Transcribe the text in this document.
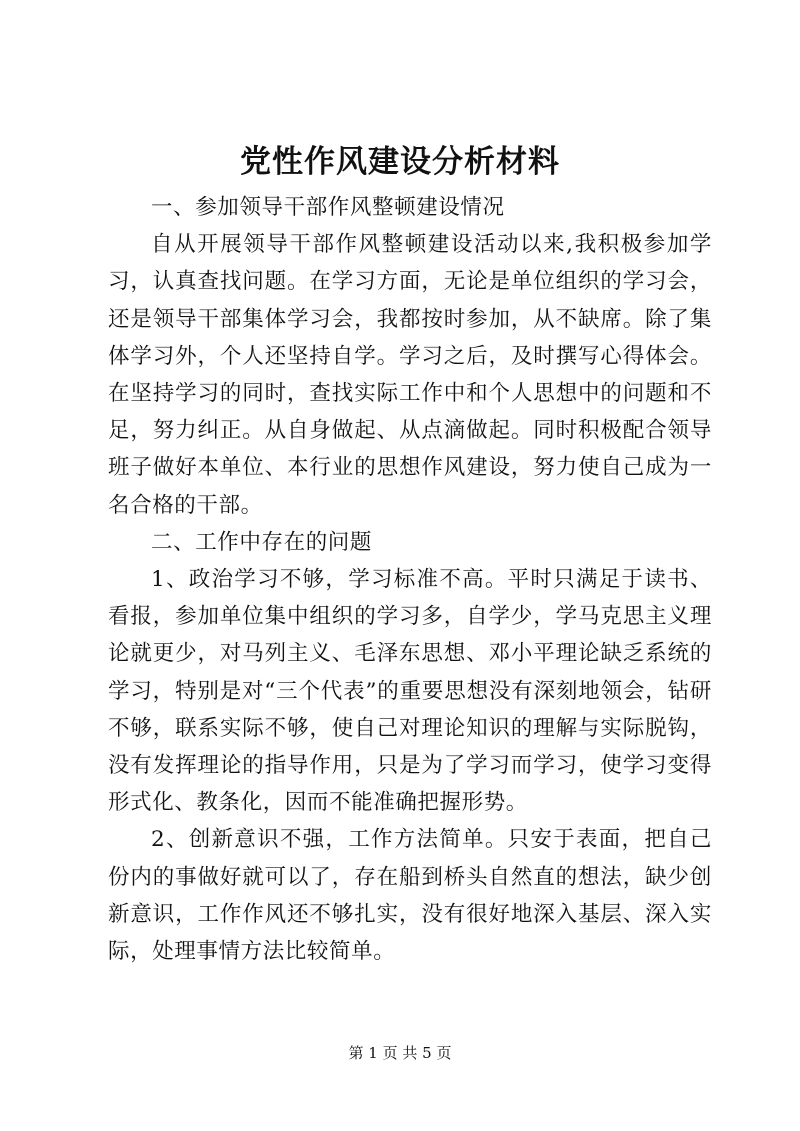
党性作风建设分析材料

一、参加领导干部作风整顿建设情况

自从开展领导干部作风整顿建设活动以来,我积极参加学习，认真查找问题。在学习方面，无论是单位组织的学习会，还是领导干部集体学习会，我都按时参加，从不缺席。除了集体学习外，个人还坚持自学。学习之后，及时撰写心得体会。在坚持学习的同时，查找实际工作中和个人思想中的问题和不足，努力纠正。从自身做起、从点滴做起。同时积极配合领导班子做好本单位、本行业的思想作风建设，努力使自己成为一名合格的干部。

二、工作中存在的问题

1、政治学习不够，学习标准不高。平时只满足于读书、看报，参加单位集中组织的学习多，自学少，学马克思主义理论就更少，对马列主义、毛泽东思想、邓小平理论缺乏系统的学习，特别是对“三个代表”的重要思想没有深刻地领会，钻研不够，联系实际不够，使自己对理论知识的理解与实际脱钩，没有发挥理论的指导作用，只是为了学习而学习，使学习变得形式化、教条化，因而不能准确把握形势。

2、创新意识不强，工作方法简单。只安于表面，把自己份内的事做好就可以了，存在船到桥头自然直的想法，缺少创新意识，工作作风还不够扎实，没有很好地深入基层、深入实际，处理事情方法比较简单。

第 1 页 共 5 页
